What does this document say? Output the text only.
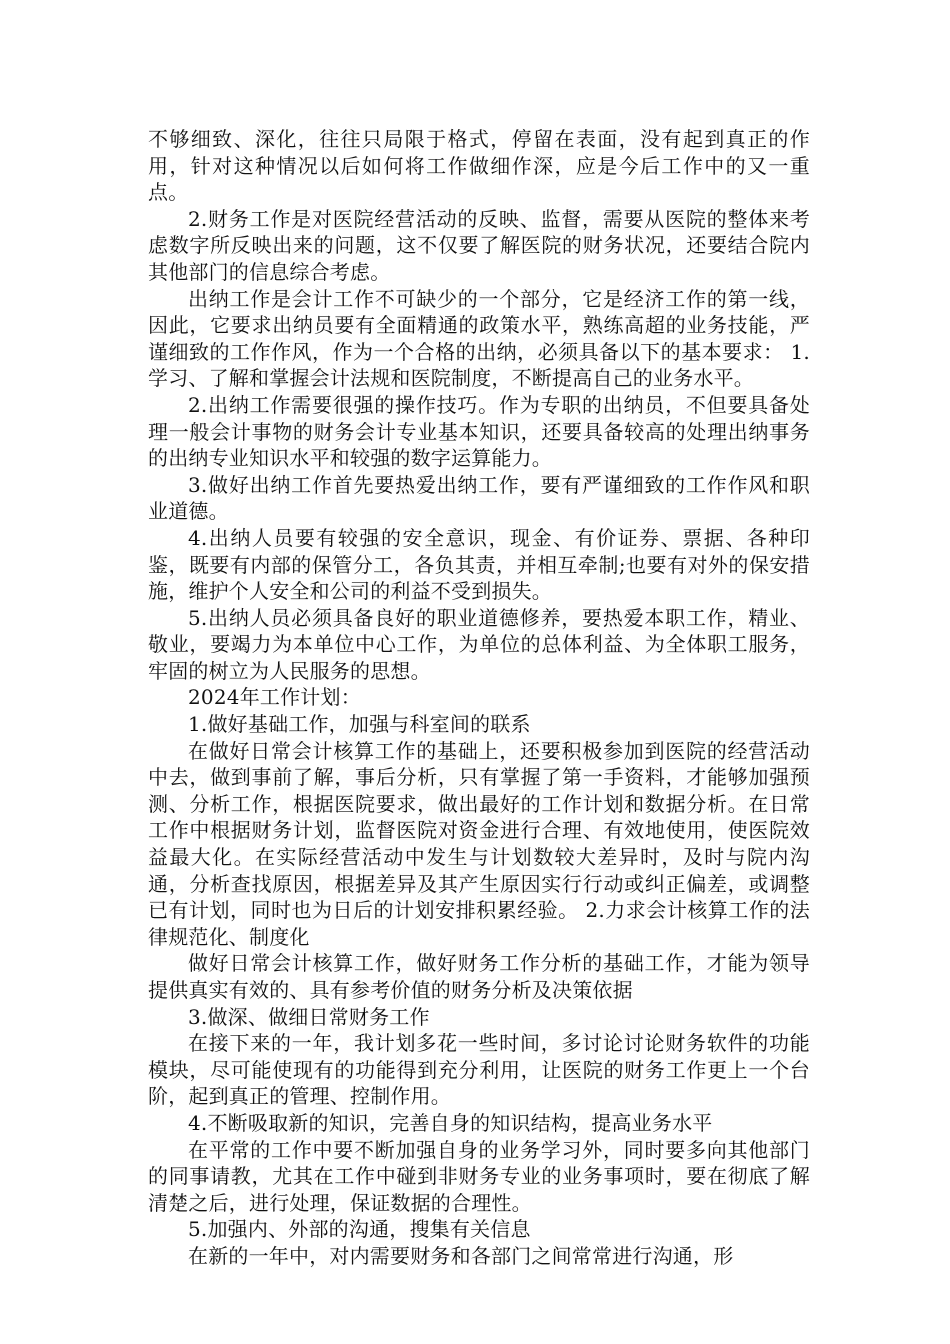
不够细致、深化，往往只局限于格式，停留在表面，没有起到真正的作用，针对这种情况以后如何将工作做细作深，应是今后工作中的又一重点。

2.财务工作是对医院经营活动的反映、监督，需要从医院的整体来考虑数字所反映出来的问题，这不仅要了解医院的财务状况，还要结合院内其他部门的信息综合考虑。

出纳工作是会计工作不可缺少的一个部分，它是经济工作的第一线，因此，它要求出纳员要有全面精通的政策水平，熟练高超的业务技能，严谨细致的工作作风，作为一个合格的出纳，必须具备以下的基本要求： 1.学习、了解和掌握会计法规和医院制度，不断提高自己的业务水平。

2.出纳工作需要很强的操作技巧。作为专职的出纳员，不但要具备处理一般会计事物的财务会计专业基本知识，还要具备较高的处理出纳事务的出纳专业知识水平和较强的数字运算能力。

3.做好出纳工作首先要热爱出纳工作，要有严谨细致的工作作风和职业道德。

4.出纳人员要有较强的安全意识，现金、有价证券、票据、各种印鉴，既要有内部的保管分工，各负其责，并相互牵制;也要有对外的保安措施，维护个人安全和公司的利益不受到损失。

5.出纳人员必须具备良好的职业道德修养，要热爱本职工作，精业、敬业，要竭力为本单位中心工作，为单位的总体利益、为全体职工服务，牢固的树立为人民服务的思想。

2024年工作计划：

1.做好基础工作，加强与科室间的联系

在做好日常会计核算工作的基础上，还要积极参加到医院的经营活动中去，做到事前了解，事后分析，只有掌握了第一手资料，才能够加强预测、分析工作，根据医院要求，做出最好的工作计划和数据分析。在日常工作中根据财务计划，监督医院对资金进行合理、有效地使用，使医院效益最大化。在实际经营活动中发生与计划数较大差异时，及时与院内沟通，分析查找原因，根据差异及其产生原因实行行动或纠正偏差，或调整已有计划，同时也为日后的计划安排积累经验。 2.力求会计核算工作的法律规范化、制度化

做好日常会计核算工作，做好财务工作分析的基础工作，才能为领导提供真实有效的、具有参考价值的财务分析及决策依据

3.做深、做细日常财务工作

在接下来的一年，我计划多花一些时间，多讨论讨论财务软件的功能模块，尽可能使现有的功能得到充分利用，让医院的财务工作更上一个台阶，起到真正的管理、控制作用。

4.不断吸取新的知识，完善自身的知识结构，提高业务水平

在平常的工作中要不断加强自身的业务学习外，同时要多向其他部门的同事请教，尤其在工作中碰到非财务专业的业务事项时，要在彻底了解清楚之后，进行处理，保证数据的合理性。

5.加强内、外部的沟通，搜集有关信息

在新的一年中，对内需要财务和各部门之间常常进行沟通，形
